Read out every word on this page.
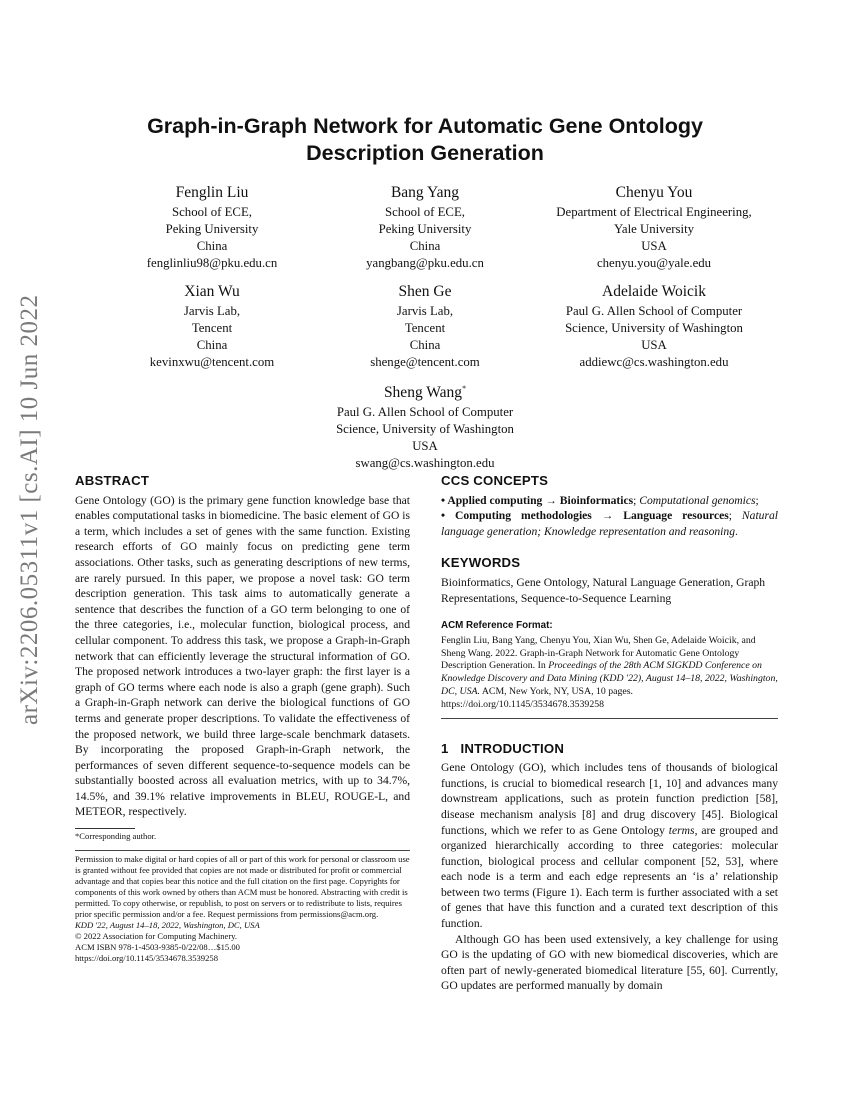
arXiv:2206.05311v1 [cs.AI] 10 Jun 2022
Graph-in-Graph Network for Automatic Gene Ontology Description Generation
Fenglin Liu
School of ECE,
Peking University
China
fenglinliu98@pku.edu.cn
Bang Yang
School of ECE,
Peking University
China
yangbang@pku.edu.cn
Chenyu You
Department of Electrical Engineering,
Yale University
USA
chenyu.you@yale.edu
Xian Wu
Jarvis Lab,
Tencent
China
kevinxwu@tencent.com
Shen Ge
Jarvis Lab,
Tencent
China
shenge@tencent.com
Adelaide Woicik
Paul G. Allen School of Computer
Science, University of Washington
USA
addiewc@cs.washington.edu
Sheng Wang*
Paul G. Allen School of Computer
Science, University of Washington
USA
swang@cs.washington.edu
ABSTRACT

Gene Ontology (GO) is the primary gene function knowledge base that enables computational tasks in biomedicine. The basic element of GO is a term, which includes a set of genes with the same function. Existing research efforts of GO mainly focus on predicting gene term associations. Other tasks, such as generating descriptions of new terms, are rarely pursued. In this paper, we propose a novel task: GO term description generation. This task aims to automatically generate a sentence that describes the function of a GO term belonging to one of the three categories, i.e., molecular function, biological process, and cellular component. To address this task, we propose a Graph-in-Graph network that can efficiently leverage the structural information of GO. The proposed network introduces a two-layer graph: the first layer is a graph of GO terms where each node is also a graph (gene graph). Such a Graph-in-Graph network can derive the biological functions of GO terms and generate proper descriptions. To validate the effectiveness of the proposed network, we build three large-scale benchmark datasets. By incorporating the proposed Graph-in-Graph network, the performances of seven different sequence-to-sequence models can be substantially boosted across all evaluation metrics, with up to 34.7%, 14.5%, and 39.1% relative improvements in BLEU, ROUGE-L, and METEOR, respectively.

*Corresponding author.
Permission to make digital or hard copies of all or part of this work for personal or classroom use is granted without fee provided that copies are not made or distributed for profit or commercial advantage and that copies bear this notice and the full citation on the first page. Copyrights for components of this work owned by others than ACM must be honored. Abstracting with credit is permitted. To copy otherwise, or republish, to post on servers or to redistribute to lists, requires prior specific permission and/or a fee. Request permissions from permissions@acm.org.
KDD '22, August 14–18, 2022, Washington, DC, USA
© 2022 Association for Computing Machinery.
ACM ISBN 978-1-4503-9385-0/22/08…$15.00
https://doi.org/10.1145/3534678.3539258
CCS CONCEPTS

• Applied computing → Bioinformatics; Computational genomics;

• Computing methodologies → Language resources; Natural language generation; Knowledge representation and reasoning.

KEYWORDS

Bioinformatics, Gene Ontology, Natural Language Generation, Graph Representations, Sequence-to-Sequence Learning

ACM Reference Format:

Fenglin Liu, Bang Yang, Chenyu You, Xian Wu, Shen Ge, Adelaide Woicik, and Sheng Wang. 2022. Graph-in-Graph Network for Automatic Gene Ontology Description Generation. In Proceedings of the 28th ACM SIGKDD Conference on Knowledge Discovery and Data Mining (KDD '22), August 14–18, 2022, Washington, DC, USA. ACM, New York, NY, USA, 10 pages. https://doi.org/10.1145/3534678.3539258

1 INTRODUCTION

Gene Ontology (GO), which includes tens of thousands of biological functions, is crucial to biomedical research [1, 10] and advances many downstream applications, such as protein function prediction [58], disease mechanism analysis [8] and drug discovery [45]. Biological functions, which we refer to as Gene Ontology terms, are grouped and organized hierarchically according to three categories: molecular function, biological process and cellular component [52, 53], where each node is a term and each edge represents an ‘is a’ relationship between two terms (Figure 1). Each term is further associated with a set of genes that have this function and a curated text description of this function.

Although GO has been used extensively, a key challenge for using GO is the updating of GO with new biomedical discoveries, which are often part of newly-generated biomedical literature [55, 60]. Currently, GO updates are performed manually by domain
